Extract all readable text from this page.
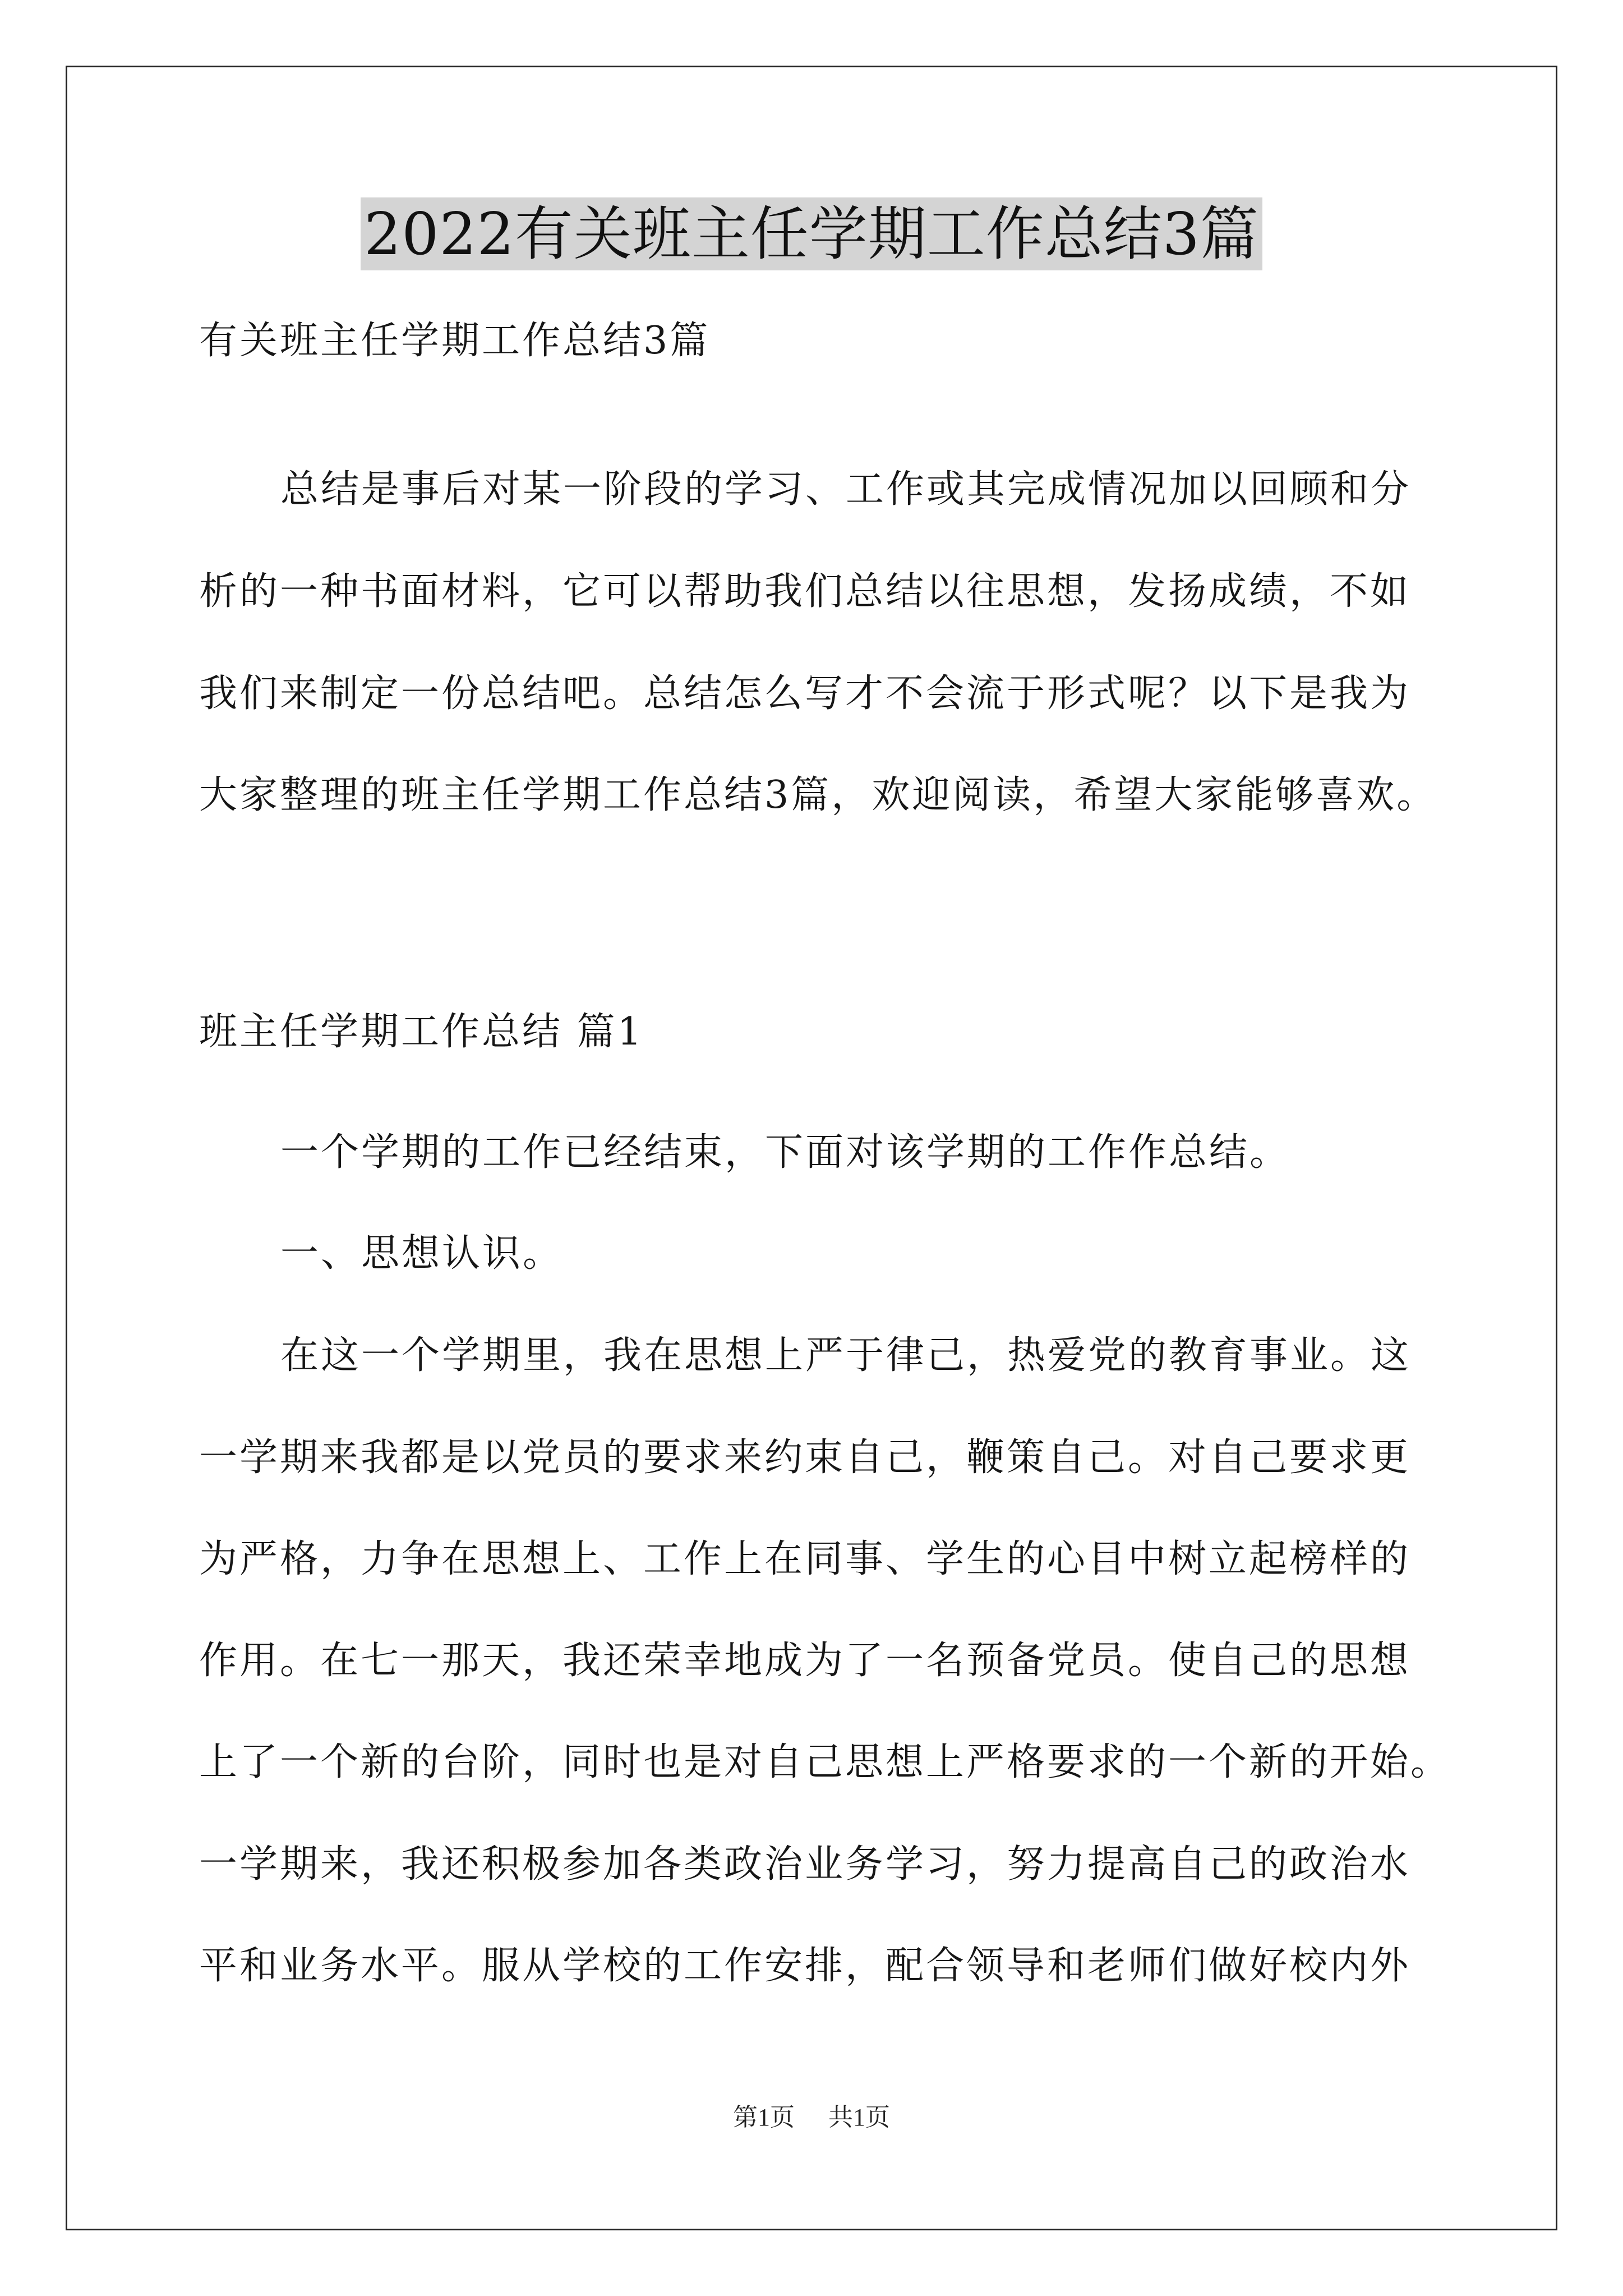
2022有关班主任学期工作总结3篇
有关班主任学期工作总结3篇
总结是事后对某一阶段的学习、工作或其完成情况加以回顾和分
析的一种书面材料，它可以帮助我们总结以往思想，发扬成绩，不如
我们来制定一份总结吧。总结怎么写才不会流于形式呢？以下是我为
大家整理的班主任学期工作总结3篇，欢迎阅读，希望大家能够喜欢。
班主任学期工作总结 篇1
一个学期的工作已经结束，下面对该学期的工作作总结。
一、思想认识。
在这一个学期里，我在思想上严于律己，热爱党的教育事业。这
一学期来我都是以党员的要求来约束自己，鞭策自己。对自己要求更
为严格，力争在思想上、工作上在同事、学生的心目中树立起榜样的
作用。在七一那天，我还荣幸地成为了一名预备党员。使自己的思想
上了一个新的台阶，同时也是对自己思想上严格要求的一个新的开始。
一学期来，我还积极参加各类政治业务学习，努力提高自己的政治水
平和业务水平。服从学校的工作安排，配合领导和老师们做好校内外
第1页 共1页
